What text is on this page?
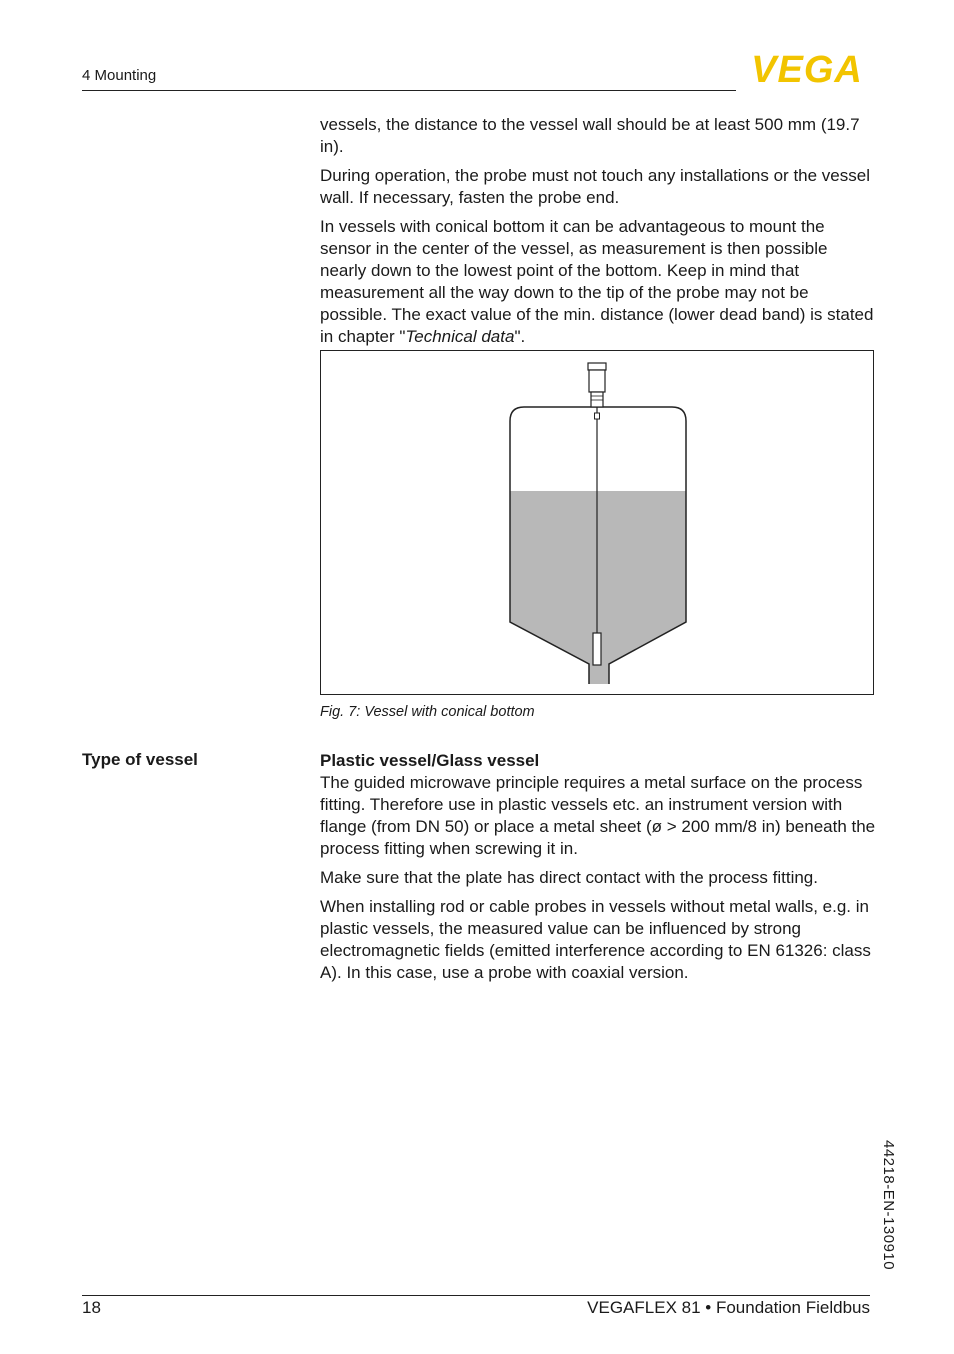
4 Mounting	VEGA

vessels, the distance to the vessel wall should be at least 500 mm (19.7 in).

During operation, the probe must not touch any installations or the vessel wall. If necessary, fasten the probe end.

In vessels with conical bottom it can be advantageous to mount the sensor in the center of the vessel, as measurement is then possible nearly down to the lowest point of the bottom. Keep in mind that measurement all the way down to the tip of the probe may not be possible. The exact value of the min. distance (lower dead band) is stated in chapter "Technical data".

Fig. 7: Vessel with conical bottom
Type of vessel	Plastic vessel/Glass vessel

The guided microwave principle requires a metal surface on the process fitting. Therefore use in plastic vessels etc. an instrument version with flange (from DN 50) or place a metal sheet (ø > 200 mm/8 in) beneath the process fitting when screwing it in.

Make sure that the plate has direct contact with the process fitting.

When installing rod or cable probes in vessels without metal walls, e.g. in plastic vessels, the measured value can be influenced by strong electromagnetic fields (emitted interference according to EN 61326: class A). In this case, use a probe with coaxial version.

44218-EN-130910
18	VEGAFLEX 81 • Foundation Fieldbus
